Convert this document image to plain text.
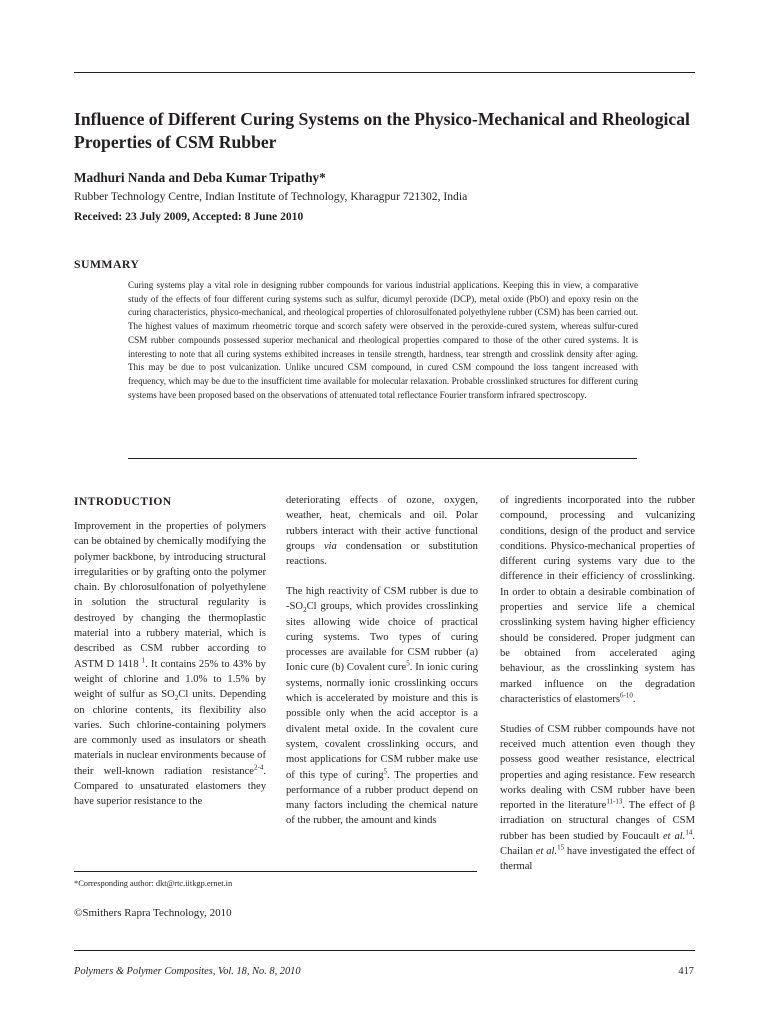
Influence of Different Curing Systems on the Physico-Mechanical and Rheological Properties of CSM Rubber
Madhuri Nanda and Deba Kumar Tripathy*
Rubber Technology Centre, Indian Institute of Technology, Kharagpur 721302, India
Received: 23 July 2009, Accepted: 8 June 2010
SUMMARY
Curing systems play a vital role in designing rubber compounds for various industrial applications. Keeping this in view, a comparative study of the effects of four different curing systems such as sulfur, dicumyl peroxide (DCP), metal oxide (PbO) and epoxy resin on the curing characteristics, physico-mechanical, and rheological properties of chlorosulfonated polyethylene rubber (CSM) has been carried out. The highest values of maximum rheometric torque and scorch safety were observed in the peroxide-cured system, whereas sulfur-cured CSM rubber compounds possessed superior mechanical and rheological properties compared to those of the other cured systems. It is interesting to note that all curing systems exhibited increases in tensile strength, hardness, tear strength and crosslink density after aging. This may be due to post vulcanization. Unlike uncured CSM compound, in cured CSM compound the loss tangent increased with frequency, which may be due to the insufficient time available for molecular relaxation. Probable crosslinked structures for different curing systems have been proposed based on the observations of attenuated total reflectance Fourier transform infrared spectroscopy.
INTRODUCTION

Improvement in the properties of polymers can be obtained by chemically modifying the polymer backbone, by introducing structural irregularities or by grafting onto the polymer chain. By chlorosulfonation of polyethylene in solution the structural regularity is destroyed by changing the thermoplastic material into a rubbery material, which is described as CSM rubber according to ASTM D 1418 $^1$. It contains 25% to 43% by weight of chlorine and 1.0% to 1.5% by weight of sulfur as $SO_2Cl$ units. Depending on chlorine contents, its flexibility also varies. Such chlorine-containing polymers are commonly used as insulators or sheath materials in nuclear environments because of their well-known radiation resistance$^{2-4}$. Compared to unsaturated elastomers they have superior resistance to the

deteriorating effects of ozone, oxygen, weather, heat, chemicals and oil. Polar rubbers interact with their active functional groups via condensation or substitution reactions.

The high reactivity of CSM rubber is due to $-SO_2Cl$ groups, which provides crosslinking sites allowing wide choice of practical curing systems. Two types of curing processes are available for CSM rubber (a) Ionic cure (b) Covalent cure$^5$. In ionic curing systems, normally ionic crosslinking occurs which is accelerated by moisture and this is possible only when the acid acceptor is a divalent metal oxide. In the covalent cure system, covalent crosslinking occurs, and most applications for CSM rubber make use of this type of curing$^5$. The properties and performance of a rubber product depend on many factors including the chemical nature of the rubber, the amount and kinds

of ingredients incorporated into the rubber compound, processing and vulcanizing conditions, design of the product and service conditions. Physico-mechanical properties of different curing systems vary due to the difference in their efficiency of crosslinking. In order to obtain a desirable combination of properties and service life a chemical crosslinking system having higher efficiency should be considered. Proper judgment can be obtained from accelerated aging behaviour, as the crosslinking system has marked influence on the degradation characteristics of elastomers$^{6-10}$.

Studies of CSM rubber compounds have not received much attention even though they possess good weather resistance, electrical properties and aging resistance. Few research works dealing with CSM rubber have been reported in the literature$^{11-13}$. The effect of β irradiation on structural changes of CSM rubber has been studied by Foucault et al.$^{14}$. Chailan et al.$^{15}$ have investigated the effect of thermal

*Corresponding author: dkt@rtc.iitkgp.ernet.in
©Smithers Rapra Technology, 2010
Polymers & Polymer Composites, Vol. 18, No. 8, 2010	417
